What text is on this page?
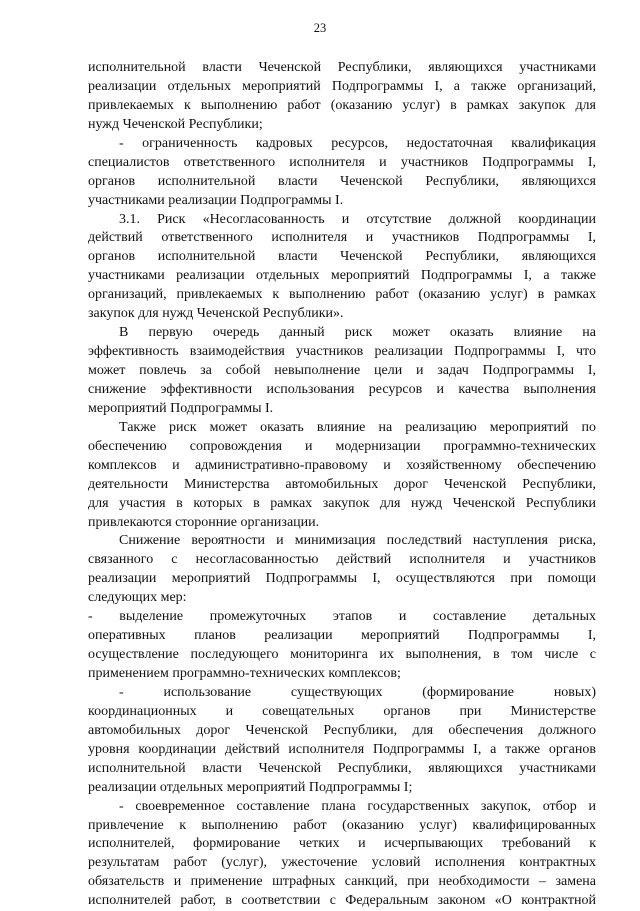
23
исполнительной власти Чеченской Республики, являющихся участниками
реализации отдельных мероприятий Подпрограммы I, а также организаций,
привлекаемых к выполнению работ (оказанию услуг) в рамках закупок для
нужд Чеченской Республики;
- ограниченность кадровых ресурсов, недостаточная квалификация
специалистов ответственного исполнителя и участников Подпрограммы I,
органов исполнительной власти Чеченской Республики, являющихся
участниками реализации Подпрограммы I.
3.1. Риск «Несогласованность и отсутствие должной координации
действий ответственного исполнителя и участников Подпрограммы I,
органов исполнительной власти Чеченской Республики, являющихся
участниками реализации отдельных мероприятий Подпрограммы I, а также
организаций, привлекаемых к выполнению работ (оказанию услуг) в рамках
закупок для нужд Чеченской Республики».
В первую очередь данный риск может оказать влияние на
эффективность взаимодействия участников реализации Подпрограммы I, что
может повлечь за собой невыполнение цели и задач Подпрограммы I,
снижение эффективности использования ресурсов и качества выполнения
мероприятий Подпрограммы I.
Также риск может оказать влияние на реализацию мероприятий по
обеспечению сопровождения и модернизации программно-технических
комплексов и административно-правовому и хозяйственному обеспечению
деятельности Министерства автомобильных дорог Чеченской Республики,
для участия в которых в рамках закупок для нужд Чеченской Республики
привлекаются сторонние организации.
Снижение вероятности и минимизация последствий наступления риска,
связанного с несогласованностью действий исполнителя и участников
реализации мероприятий Подпрограммы I, осуществляются при помощи
следующих мер:
- выделение промежуточных этапов и составление детальных
оперативных планов реализации мероприятий Подпрограммы I,
осуществление последующего мониторинга их выполнения, в том числе с
применением программно-технических комплексов;
- использование существующих (формирование новых)
координационных и совещательных органов при Министерстве
автомобильных дорог Чеченской Республики, для обеспечения должного
уровня координации действий исполнителя Подпрограммы I, а также органов
исполнительной власти Чеченской Республики, являющихся участниками
реализации отдельных мероприятий Подпрограммы I;
- своевременное составление плана государственных закупок, отбор и
привлечение к выполнению работ (оказанию услуг) квалифицированных
исполнителей, формирование четких и исчерпывающих требований к
результатам работ (услуг), ужесточение условий исполнения контрактных
обязательств и применение штрафных санкций, при необходимости – замена
исполнителей работ, в соответствии с Федеральным законом «О контрактной
